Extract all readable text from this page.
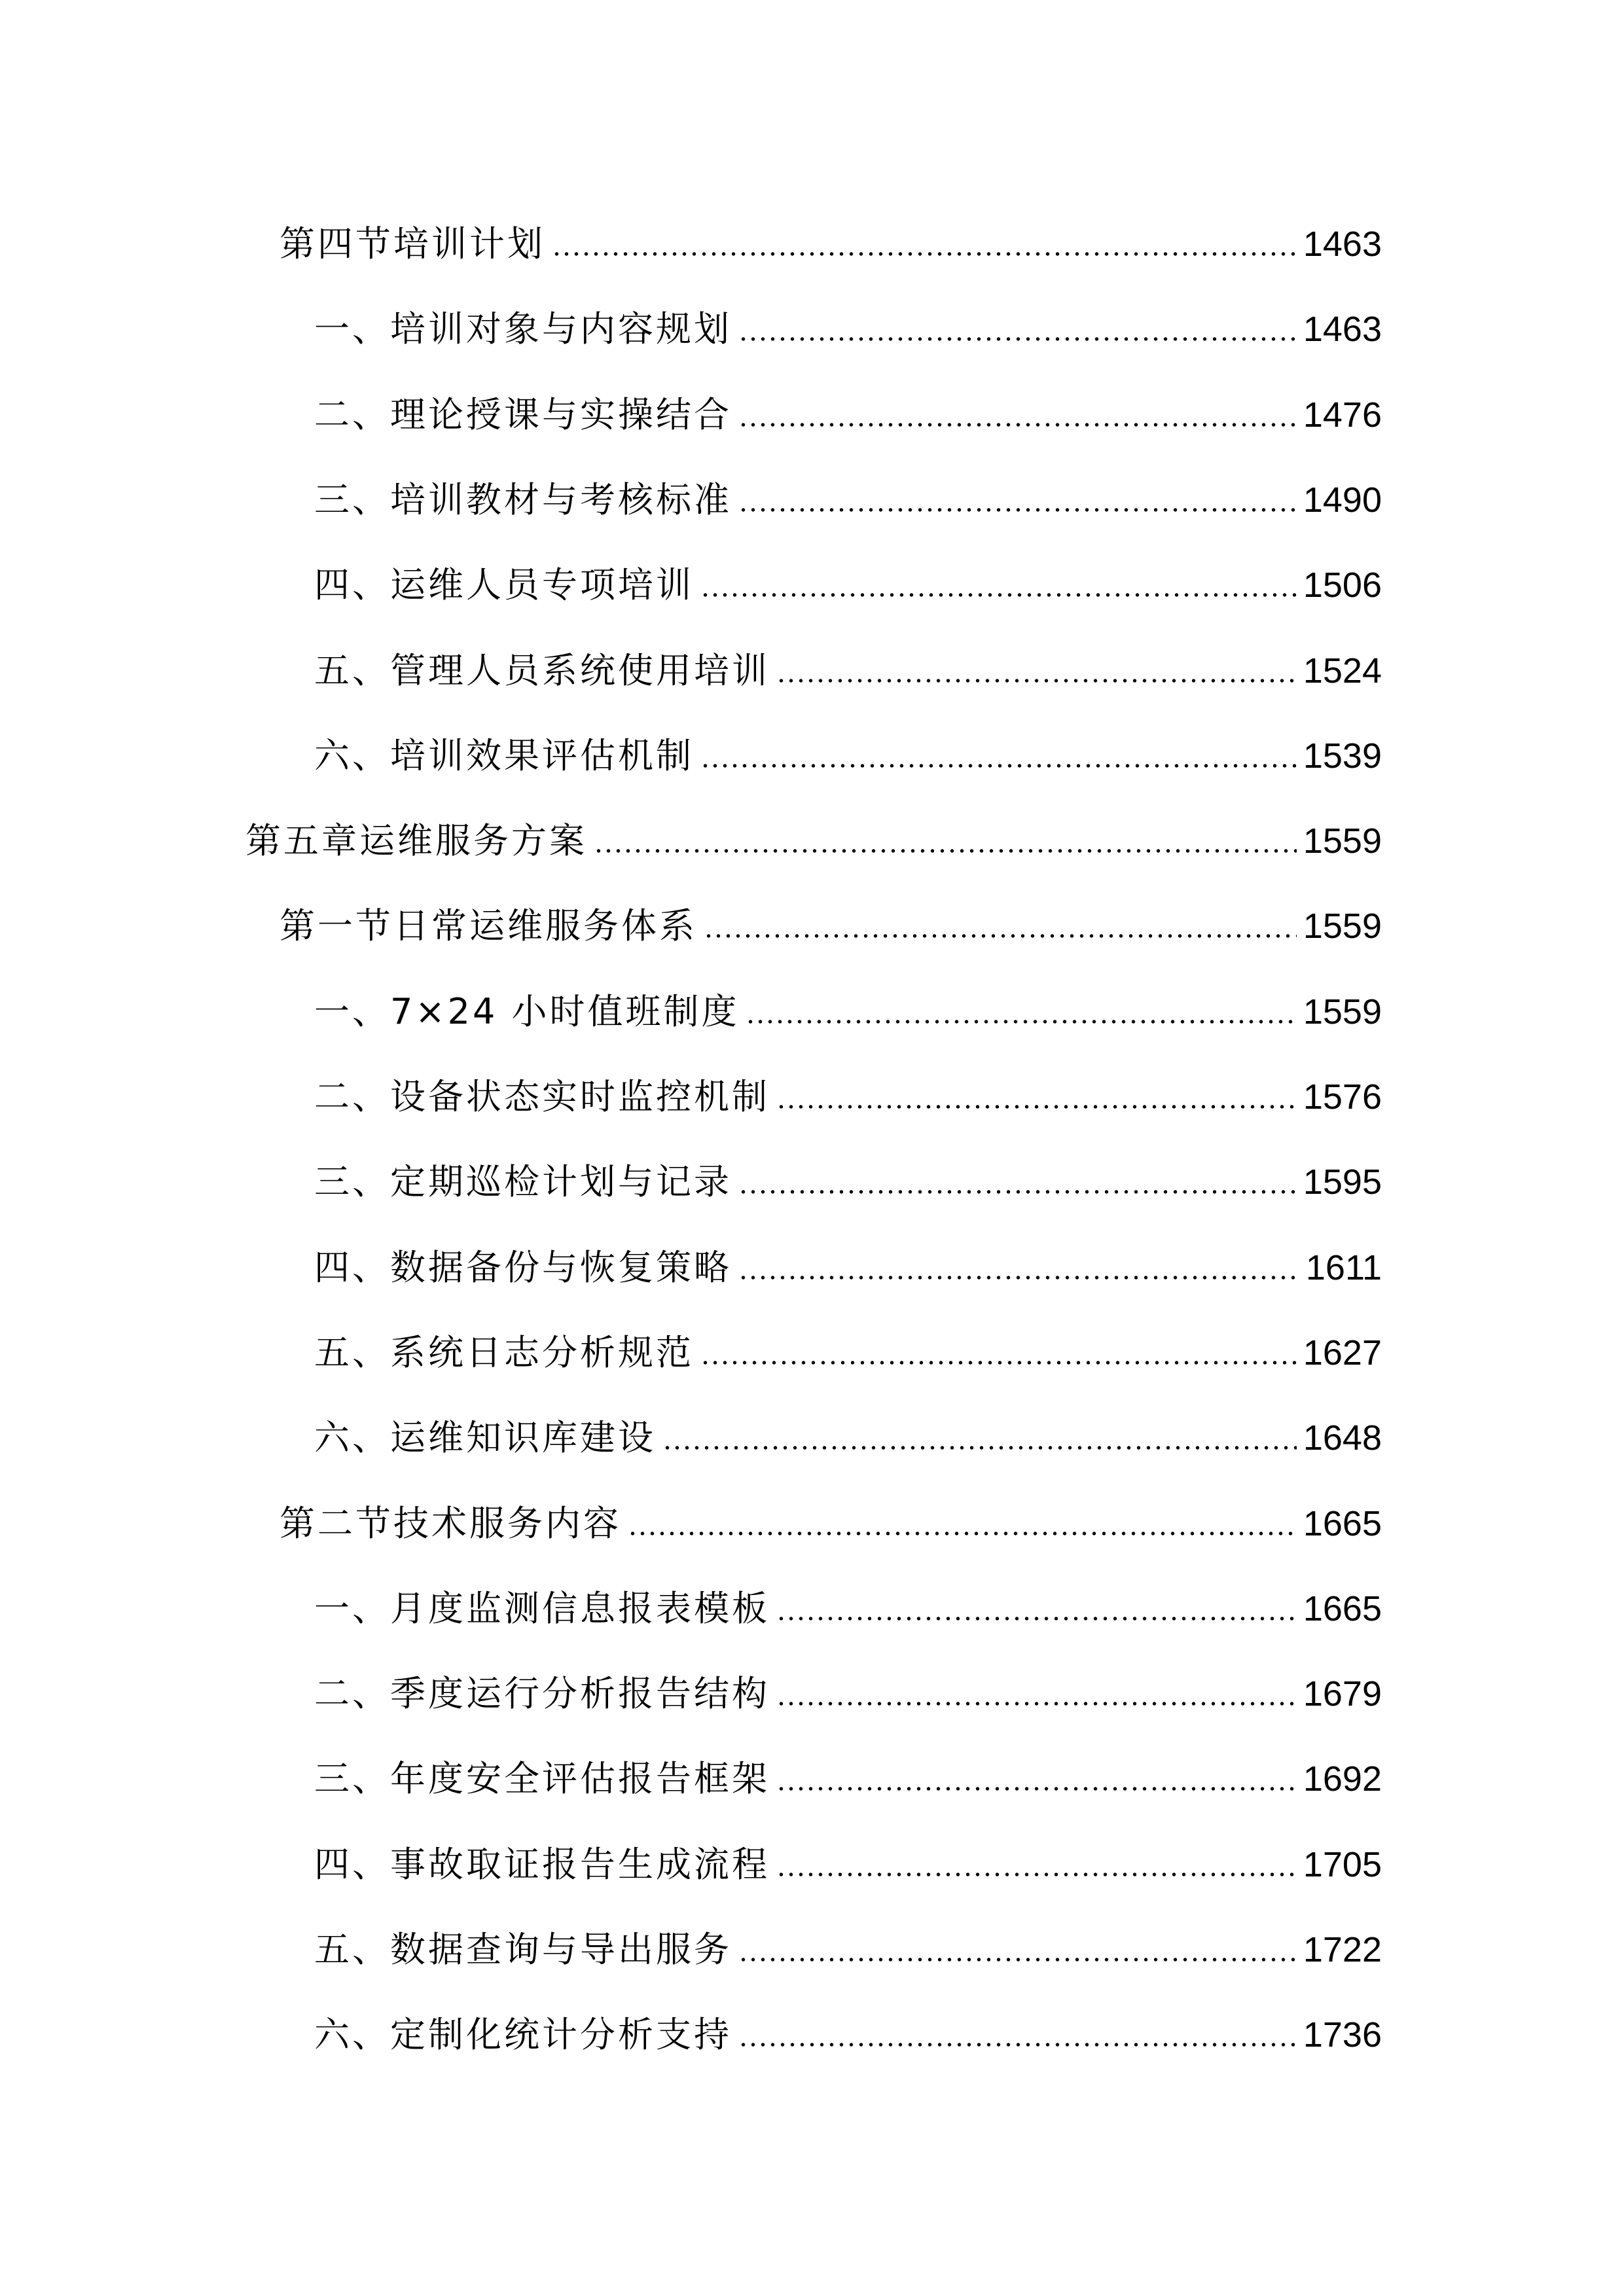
第四节培训计划	1463
一、培训对象与内容规划	1463
二、理论授课与实操结合	1476
三、培训教材与考核标准	1490
四、运维人员专项培训	1506
五、管理人员系统使用培训	1524
六、培训效果评估机制	1539
第五章运维服务方案	1559
第一节日常运维服务体系	1559
一、7×24 小时值班制度	1559
二、设备状态实时监控机制	1576
三、定期巡检计划与记录	1595
四、数据备份与恢复策略	1611
五、系统日志分析规范	1627
六、运维知识库建设	1648
第二节技术服务内容	1665
一、月度监测信息报表模板	1665
二、季度运行分析报告结构	1679
三、年度安全评估报告框架	1692
四、事故取证报告生成流程	1705
五、数据查询与导出服务	1722
六、定制化统计分析支持	1736
